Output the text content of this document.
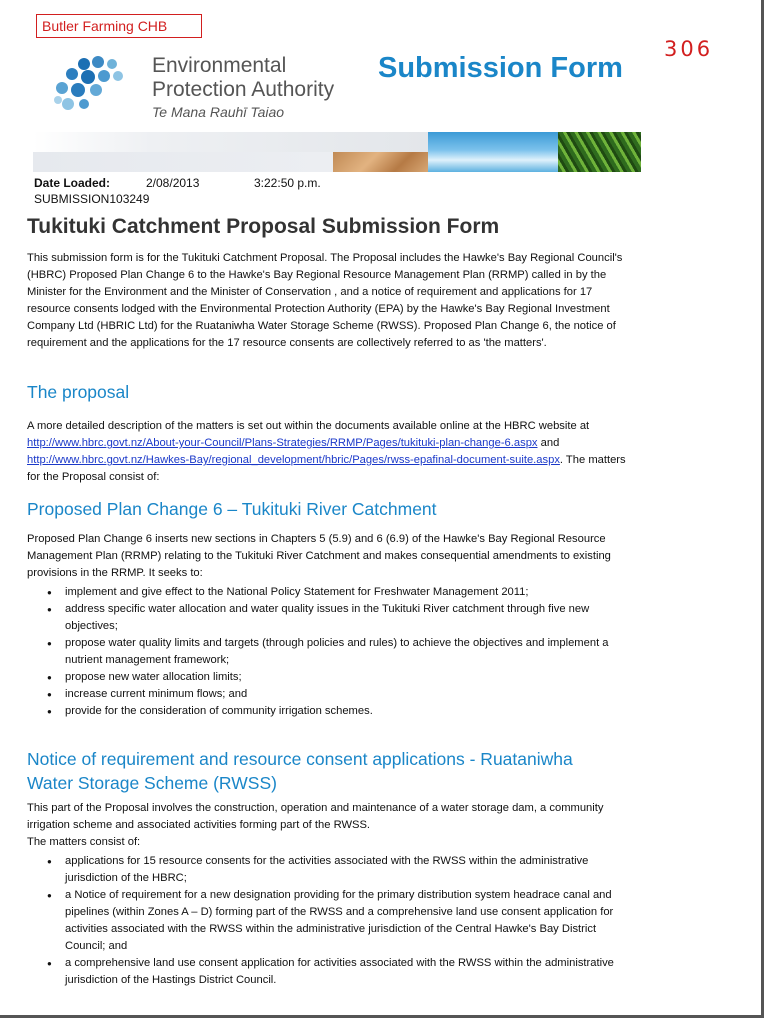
Butler Farming CHB
306
Environmental
Protection Authority
Te Mana Rauhī Taiao
Submission Form
Date Loaded:	2/08/2013	3:22:50 p.m.
SUBMISSION103249
Tukituki Catchment Proposal Submission Form
This submission form is for the Tukituki Catchment Proposal. The Proposal includes the Hawke's Bay Regional Council's (HBRC) Proposed Plan Change 6 to the Hawke's Bay Regional Resource Management Plan (RRMP) called in by the Minister for the Environment and the Minister of Conservation , and a notice of requirement and applications for 17 resource consents lodged with the Environmental Protection Authority (EPA) by the Hawke's Bay Regional Investment Company Ltd (HBRIC Ltd) for the Ruataniwha Water Storage Scheme (RWSS). Proposed Plan Change 6, the notice of requirement and the applications for the 17 resource consents are collectively referred to as 'the matters'.
The proposal
A more detailed description of the matters is set out within the documents available online at the HBRC website at
http://www.hbrc.govt.nz/About-your-Council/Plans-Strategies/RRMP/Pages/tukituki-plan-change-6.aspx and
http://www.hbrc.govt.nz/Hawkes-Bay/regional_development/hbric/Pages/rwss-epafinal-document-suite.aspx. The matters for the Proposal consist of:
Proposed Plan Change 6 – Tukituki River Catchment
Proposed Plan Change 6 inserts new sections in Chapters 5 (5.9) and 6 (6.9) of the Hawke's Bay Regional Resource Management Plan (RRMP) relating to the Tukituki River Catchment and makes consequential amendments to existing provisions in the RRMP. It seeks to:
● implement and give effect to the National Policy Statement for Freshwater Management 2011;
● address specific water allocation and water quality issues in the Tukituki River catchment through five new objectives;
● propose water quality limits and targets (through policies and rules) to achieve the objectives and implement a nutrient management framework;
● propose new water allocation limits;
● increase current minimum flows; and
● provide for the consideration of community irrigation schemes.
Notice of requirement and resource consent applications - Ruataniwha
Water Storage Scheme (RWSS)
This part of the Proposal involves the construction, operation and maintenance of a water storage dam, a community irrigation scheme and associated activities forming part of the RWSS.
The matters consist of:
● applications for 15 resource consents for the activities associated with the RWSS within the administrative jurisdiction of the HBRC;
● a Notice of requirement for a new designation providing for the primary distribution system headrace canal and pipelines (within Zones A – D) forming part of the RWSS and a comprehensive land use consent application for activities associated with the RWSS within the administrative jurisdiction of the Central Hawke's Bay District Council; and
● a comprehensive land use consent application for activities associated with the RWSS within the administrative jurisdiction of the Hastings District Council.
